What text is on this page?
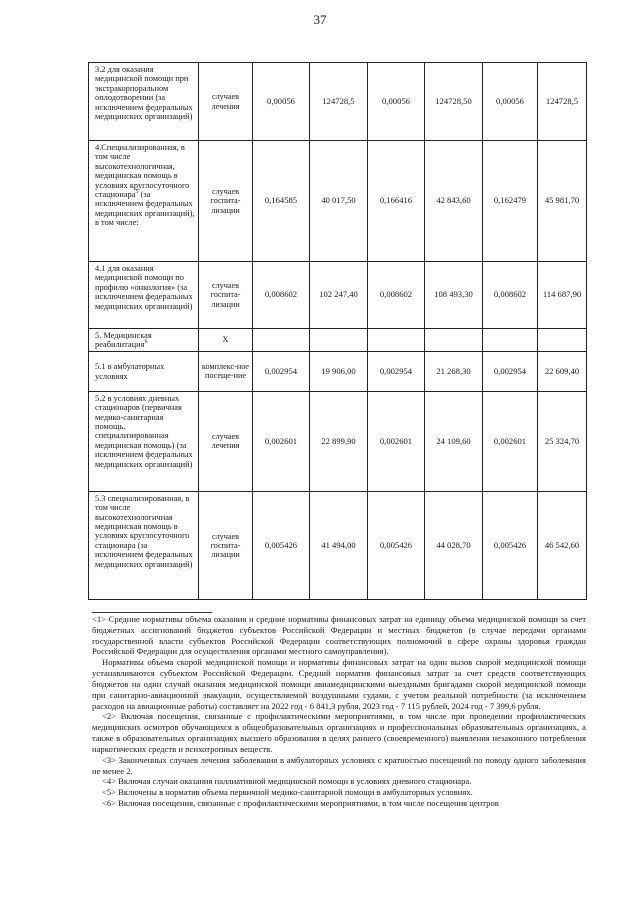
37
3.2 для оказания медицинской помощи при экстракорпоральном оплодотворении (за исключением федеральных медицинских организаций)	случаев лечения	0,00056	124728,5	0,00056	124728,50	0,00056	124728,5
4.Специализированная, в том числе высокотехнологичная, медицинская помощь в условиях круглосуточного стационара$^5$ (за исключением федеральных медицинских организаций), в том числе:	случаев госпита-лизации	0,164585	40 017,50	0,166416	42 843,60	0,162479	45 981,70
4.1 для оказания медицинской помощи по профилю «онкология» (за исключением федеральных медицинских организаций)	случаев госпита-лизации	0,008602	102 247,40	0,008602	108 493,30	0,008602	114 687,90
5. Медицинская реабилитация$^6$	X						
5.1 в амбулаторных условиях	комплекс-ное посеще-ние	0,002954	19 906,00	0,002954	21 268,30	0,002954	22 609,40
5.2 в условиях дневных стационаров (первичная медико-санитарная помощь, специализированная медицинская помощь) (за исключением федеральных медицинских организаций)	случаев лечения	0,002601	22 899,90	0,002601	24 109,60	0,002601	25 324,70
5.3 специализированная, в том числе высокотехнологичная медицинская помощь в условиях круглосуточного стационара (за исключением федеральных медицинских организаций)	случаев госпита-лизации	0,005426	41 494,00	0,005426	44 028,70	0,005426	46 542,60

<1> Средние нормативы объема оказания и средние нормативы финансовых затрат на единицу объема медицинской помощи за счет бюджетных ассигнований бюджетов субъектов Российской Федерации и местных бюджетов (в случае передачи органами государственной власти субъектов Российской Федерации соответствующих полномочий в сфере охраны здоровья граждан Российской Федерации для осуществления органами местного самоуправления).

Нормативы объема скорой медицинской помощи и нормативы финансовых затрат на один вызов скорой медицинской помощи устанавливаются субъектом Российской Федерации. Средний норматив финансовых затрат за счет средств соответствующих бюджетов на один случай оказания медицинской помощи авиамедицинскими выездными бригадами скорой медицинской помощи при санитарно-авиационной эвакуации, осуществляемой воздушными судами, с учетом реальной потребности (за исключением расходов на авиационные работы) составляет на 2022 год - 6 841,3 рубля, 2023 год - 7 115 рублей, 2024 год - 7 399,6 рубля.

<2> Включая посещения, связанные с профилактическими мероприятиями, в том числе при проведении профилактических медицинских осмотров обучающихся в общеобразовательных организациях и профессиональных образовательных организациях, а также в образовательных организациях высшего образования в целях раннего (своевременного) выявления незаконного потребления наркотических средств и психотропных веществ.

<3> Законченных случаев лечения заболевания в амбулаторных условиях с кратностью посещений по поводу одного заболевания не менее 2.

<4> Включая случаи оказания паллиативной медицинской помощи в условиях дневного стационара.

<5> Включены в норматив объема первичной медико-санитарной помощи в амбулаторных условиях.

<6> Включая посещения, связанные с профилактическими мероприятиями, в том числе посещения центров
